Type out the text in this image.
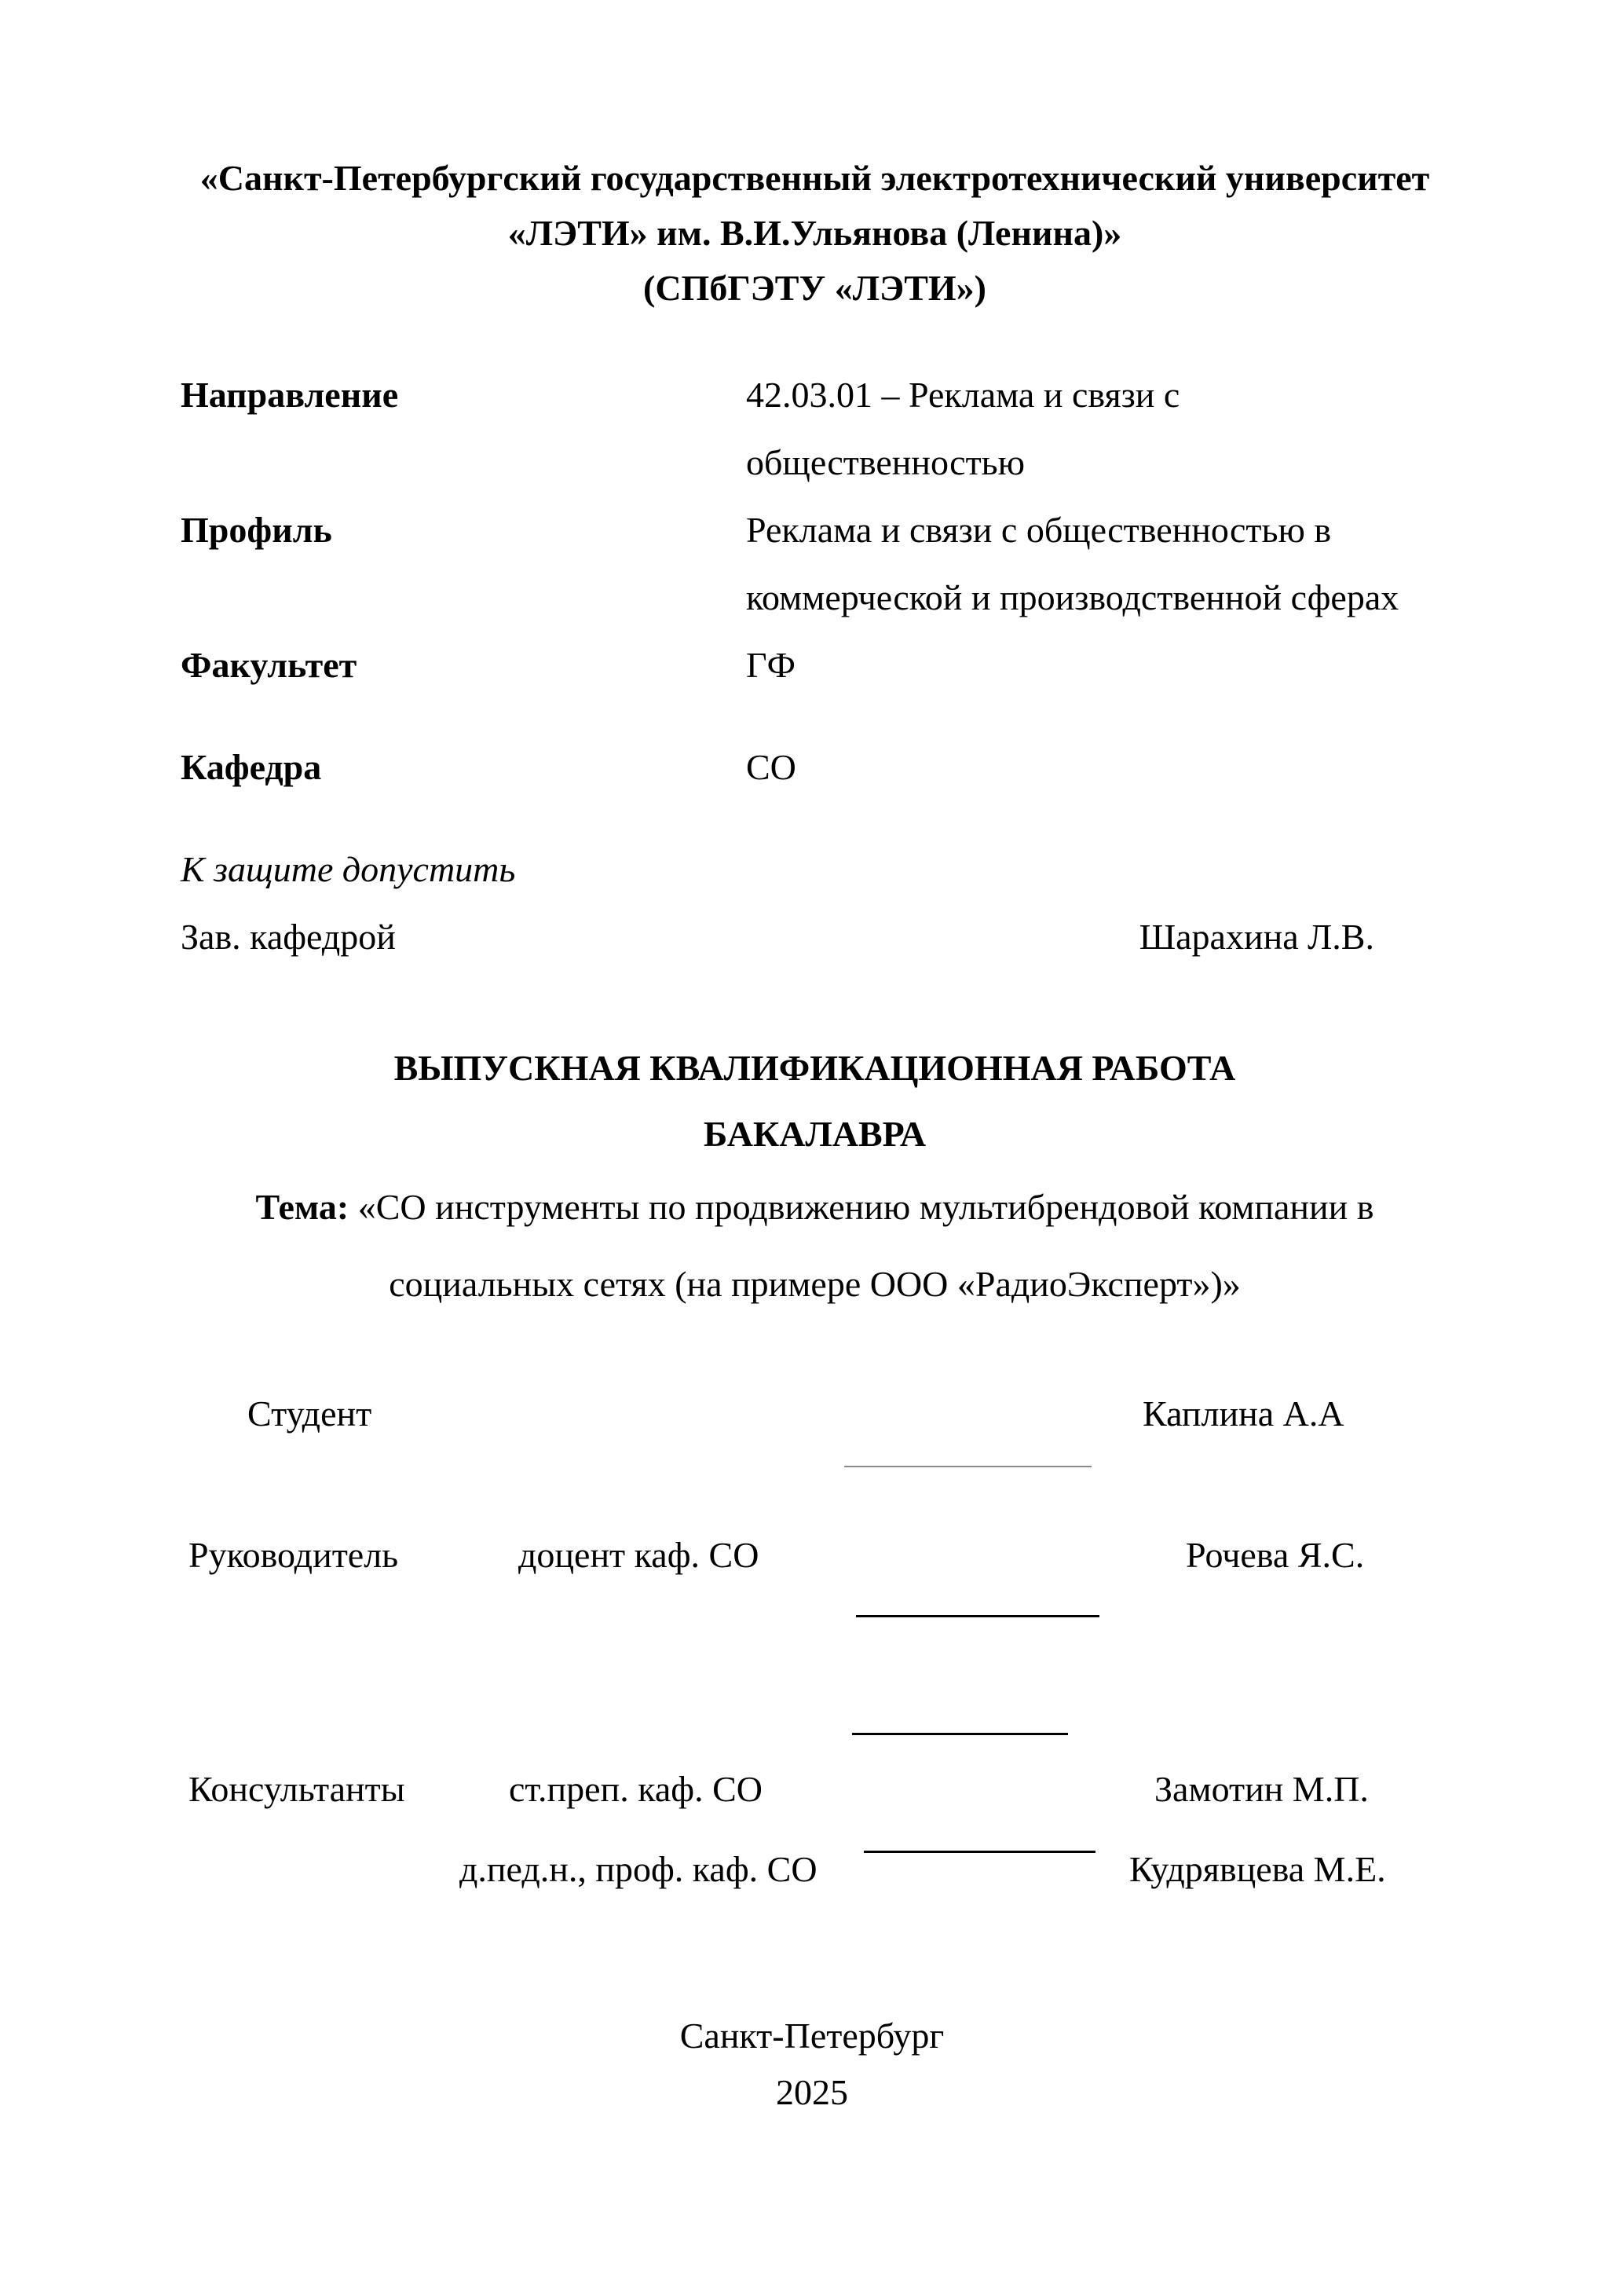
«Санкт-Петербургский государственный электротехнический университет
«ЛЭТИ» им. В.И.Ульянова (Ленина)»
(СПбГЭТУ «ЛЭТИ»)
Направление	42.03.01 – Реклама и связи с общественностью
Профиль	Реклама и связи с общественностью в коммерческой и производственной сферах
Факультет	ГФ
Кафедра	СО
К защите допустить
Зав. кафедрой	Шарахина Л.В.
ВЫПУСКНАЯ КВАЛИФИКАЦИОННАЯ РАБОТА
БАКАЛАВРА
Тема: «СО инструменты по продвижению мультибрендовой компании в социальных сетях (на примере ООО «РадиоЭксперт»)»
Студент	Каплина А.А
Руководитель	доцент каф. СО	Рочева Я.С.
Консультанты	ст.преп. каф. СО	Замотин М.П.
д.пед.н., проф. каф. СО	Кудрявцева М.Е.
Санкт-Петербург
2025
